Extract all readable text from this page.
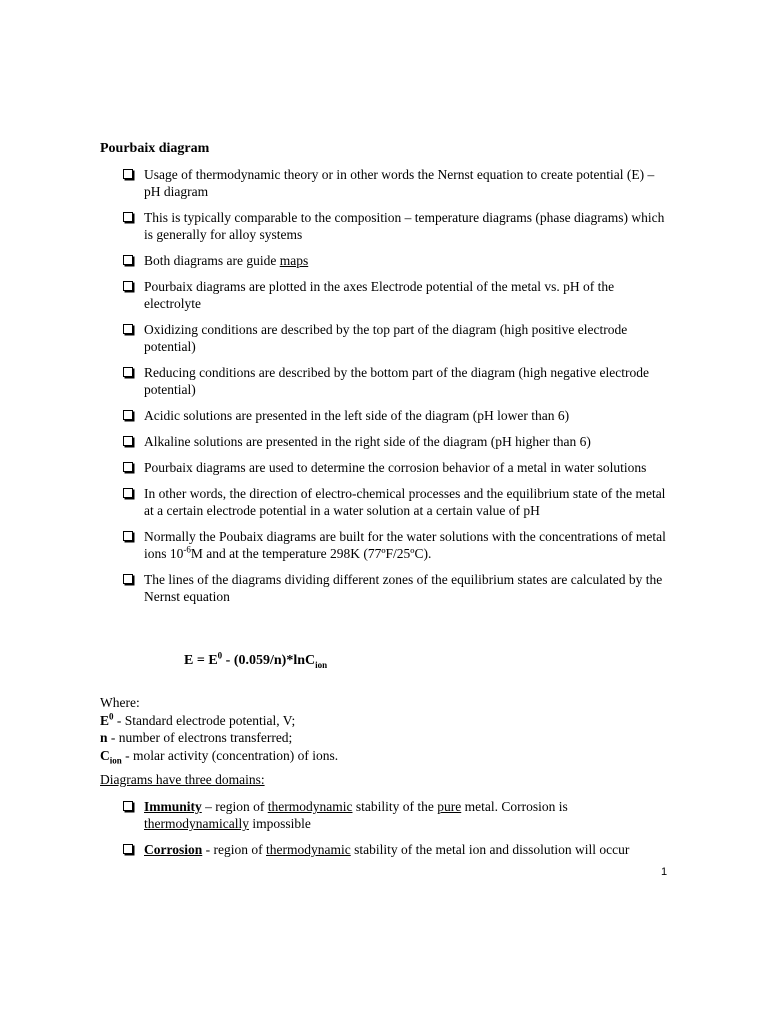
Pourbaix diagram
Usage of thermodynamic theory or in other words the Nernst equation to create potential (E) – pH diagram
This is typically comparable to the composition – temperature diagrams (phase diagrams) which is generally for alloy systems
Both diagrams are guide maps
Pourbaix diagrams are plotted in the axes Electrode potential of the metal vs. pH of the electrolyte
Oxidizing conditions are described by the top part of the diagram (high positive electrode potential)
Reducing conditions are described by the bottom part of the diagram (high negative electrode potential)
Acidic solutions are presented in the left side of the diagram (pH lower than 6)
Alkaline solutions are presented in the right side of the diagram (pH higher than 6)
Pourbaix diagrams are used to determine the corrosion behavior of a metal in water solutions
In other words, the direction of electro-chemical processes and the equilibrium state of the metal at a certain electrode potential in a water solution at a certain value of pH
Normally the Poubaix diagrams are built for the water solutions with the concentrations of metal ions $10^{-6}M$ and at the temperature 298K (77ºF/25ºC).
The lines of the diagrams dividing different zones of the equilibrium states are calculated by the Nernst equation
$E = E^0 - (0.059/n)*\ln C_{ion}$
Where:
$E^0$ - Standard electrode potential, V;
n - number of electrons transferred;
$C_{ion}$ - molar activity (concentration) of ions.
Diagrams have three domains:
Immunity – region of thermodynamic stability of the pure metal. Corrosion is thermodynamically impossible
Corrosion - region of thermodynamic stability of the metal ion and dissolution will occur
1
